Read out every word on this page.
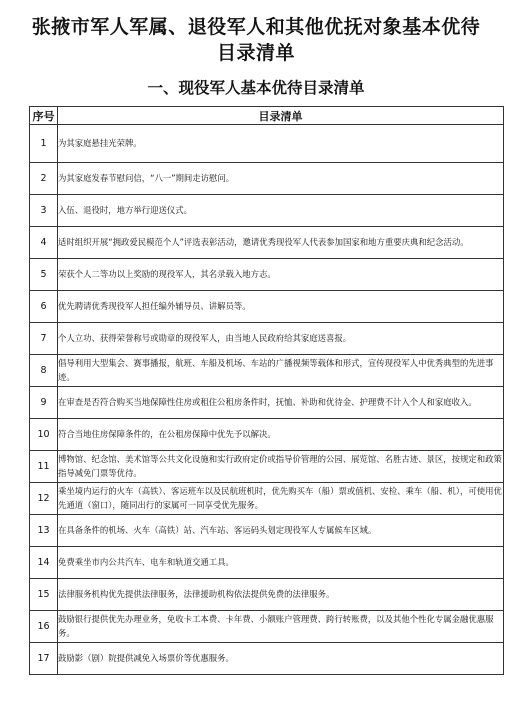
张掖市军人军属、退役军人和其他优抚对象基本优待目录清单
一、现役军人基本优待目录清单
序号	目录清单
1	为其家庭悬挂光荣牌。
2	为其家庭发春节慰问信，“八一”期间走访慰问。
3	入伍、退役时，地方举行迎送仪式。
4	适时组织开展“拥政爱民模范个人”评选表彰活动，邀请优秀现役军人代表参加国家和地方重要庆典和纪念活动。
5	荣获个人二等功以上奖励的现役军人，其名录载入地方志。
6	优先聘请优秀现役军人担任编外辅导员、讲解员等。
7	个人立功、获得荣誉称号或勋章的现役军人，由当地人民政府给其家庭送喜报。
8	倡导利用大型集会、赛事播报，航班、车船及机场、车站的广播视频等载体和形式，宣传现役军人中优秀典型的先进事迹。
9	在审查是否符合购买当地保障性住房或租住公租房条件时，抚恤、补助和优待金、护理费不计入个人和家庭收入。
10	符合当地住房保障条件的，在公租房保障中优先予以解决。
11	博物馆、纪念馆、美术馆等公共文化设施和实行政府定价或指导价管理的公园、展览馆、名胜古迹、景区，按规定和政策指导减免门票等优待。
12	乘坐境内运行的火车（高铁）、客运班车以及民航班机时，优先购买车（船）票或值机、安检、乘车（船、机），可使用优先通道（窗口），随同出行的家属可一同享受优先服务。
13	在具备条件的机场、火车（高铁）站、汽车站、客运码头划定现役军人专属候车区域。
14	免费乘坐市内公共汽车、电车和轨道交通工具。
15	法律服务机构优先提供法律服务，法律援助机构依法提供免费的法律服务。
16	鼓励银行提供优先办理业务，免收卡工本费、卡年费、小额账户管理费、跨行转账费，以及其他个性化专属金融优惠服务。
17	鼓励影（剧）院提供减免入场票价等优惠服务。
